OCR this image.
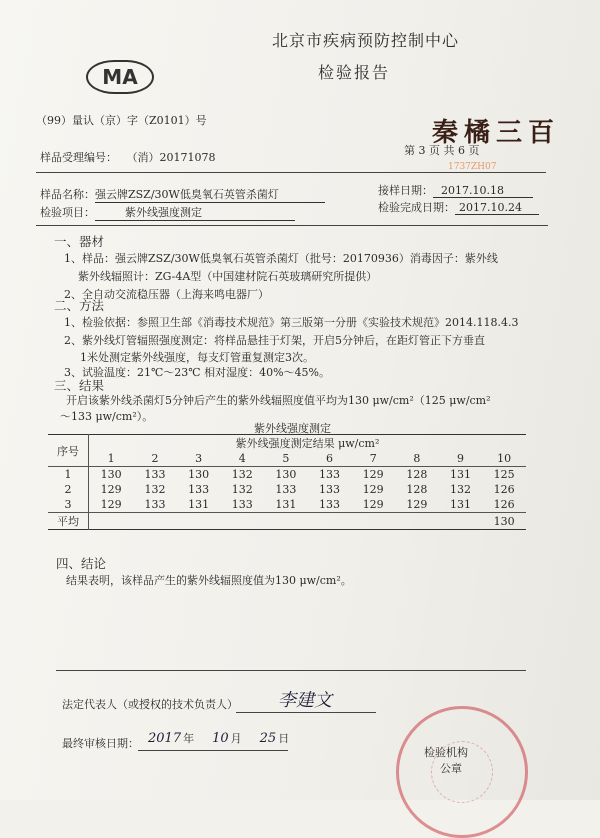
北京市疾病预防控制中心
检验报告
MA
（99）量认（京）字（Z0101）号	秦橘三百
1737ZH07
样品受理编号： （消）20171078
第 3 页 共 6 页
样品名称：强云牌ZSZ/30W低臭氧石英管杀菌灯
检验项目：	紫外线强度测定
接样日期： 2017.10.18
检验完成日期： 2017.10.24
一、器材
1、样品：强云牌ZSZ/30W低臭氧石英管杀菌灯（批号：20170936）消毒因子：紫外线
紫外线辐照计：ZG-4A型（中国建材院石英玻璃研究所提供）
2、全自动交流稳压器（上海来鸣电器厂）
二、方法
1、检验依据：参照卫生部《消毒技术规范》第三版第一分册《实验技术规范》2014.118.4.3
2、紫外线灯管辐照强度测定：将样品悬挂于灯架，开启5分钟后，在距灯管正下方垂直
1米处测定紫外线强度，每支灯管重复测定3次。
3、试验温度：21℃～23℃ 相对湿度：40%～45%。
三、结果
开启该紫外线杀菌灯5分钟后产生的紫外线辐照度值平均为130 μw/cm²（125 μw/cm²
～133 μw/cm²）。
紫外线强度测定
序号	紫外线强度测定结果 μw/cm²									
	1	2	3	4	5	6	7	8	9	10
1	130	133	130	132	130	133	129	128	131	125
2	129	132	133	132	133	133	129	128	132	126
3	129	133	131	133	131	133	129	129	131	126
平均										130
四、结论
结果表明，该样品产生的紫外线辐照度值为130 μw/cm²。
法定代表人（或授权的技术负责人） 李建文
最终审核日期： 2017 年 10 月 25 日
检验机构
公章
